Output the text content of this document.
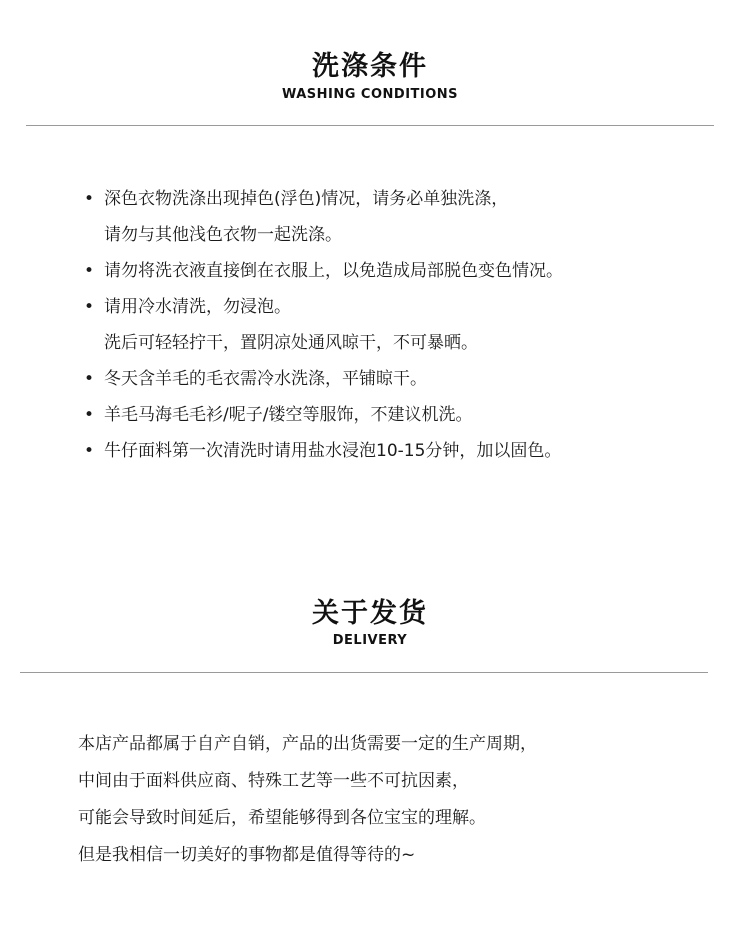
洗涤条件
WASHING CONDITIONS
• 深色衣物洗涤出现掉色(浮色)情况，请务必单独洗涤，
请勿与其他浅色衣物一起洗涤。
• 请勿将洗衣液直接倒在衣服上，以免造成局部脱色变色情况。
• 请用冷水清洗，勿浸泡。
洗后可轻轻拧干，置阴凉处通风晾干，不可暴晒。
• 冬天含羊毛的毛衣需冷水洗涤，平铺晾干。
• 羊毛马海毛毛衫/呢子/镂空等服饰，不建议机洗。
• 牛仔面料第一次清洗时请用盐水浸泡10-15分钟，加以固色。
关于发货
DELIVERY
本店产品都属于自产自销，产品的出货需要一定的生产周期，
中间由于面料供应商、特殊工艺等一些不可抗因素，
可能会导致时间延后，希望能够得到各位宝宝的理解。
但是我相信一切美好的事物都是值得等待的~
